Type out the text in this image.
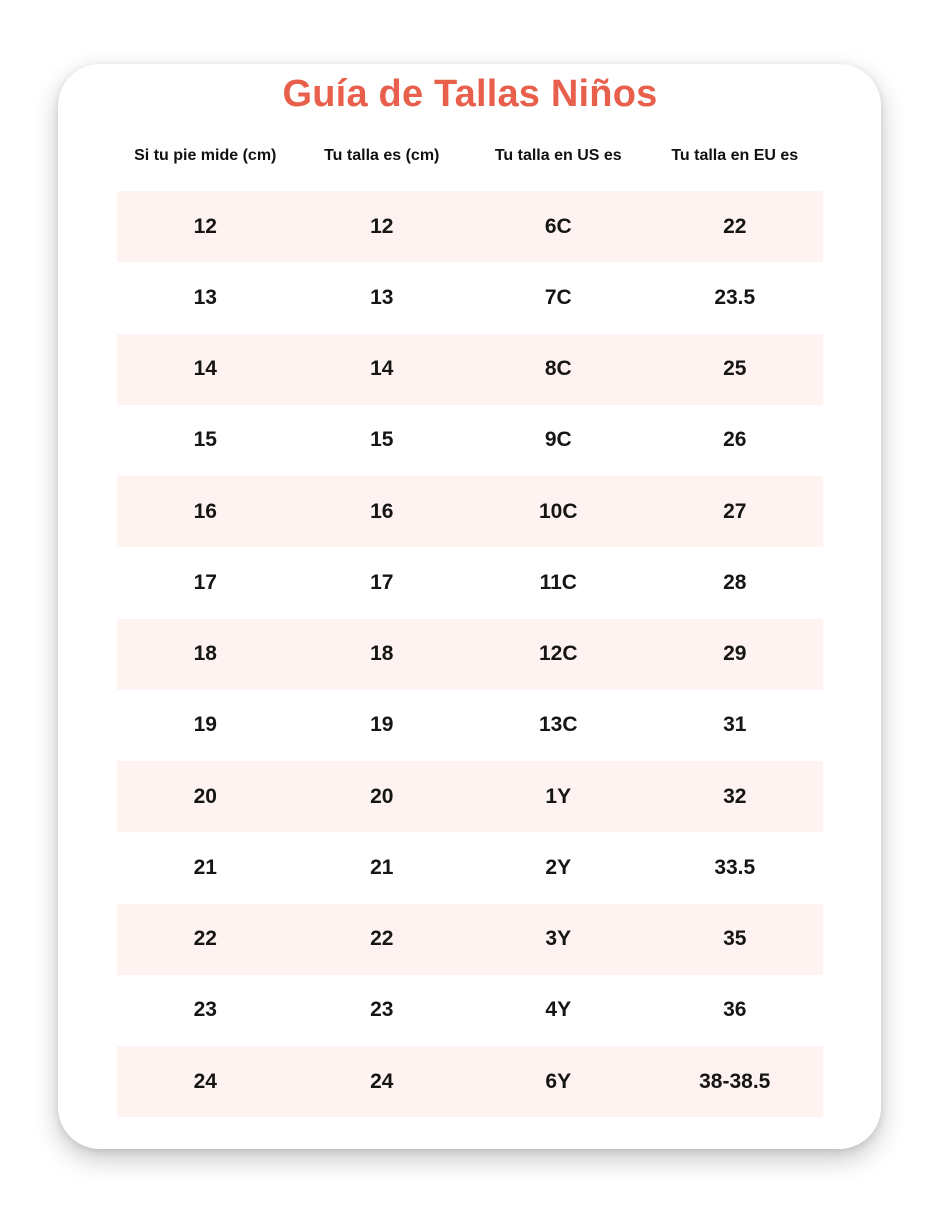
Guía de Tallas Niños
Si tu pie mide (cm)	Tu talla es (cm)	Tu talla en US es	Tu talla en EU es
12	12	6C	22
13	13	7C	23.5
14	14	8C	25
15	15	9C	26
16	16	10C	27
17	17	11C	28
18	18	12C	29
19	19	13C	31
20	20	1Y	32
21	21	2Y	33.5
22	22	3Y	35
23	23	4Y	36
24	24	6Y	38-38.5
